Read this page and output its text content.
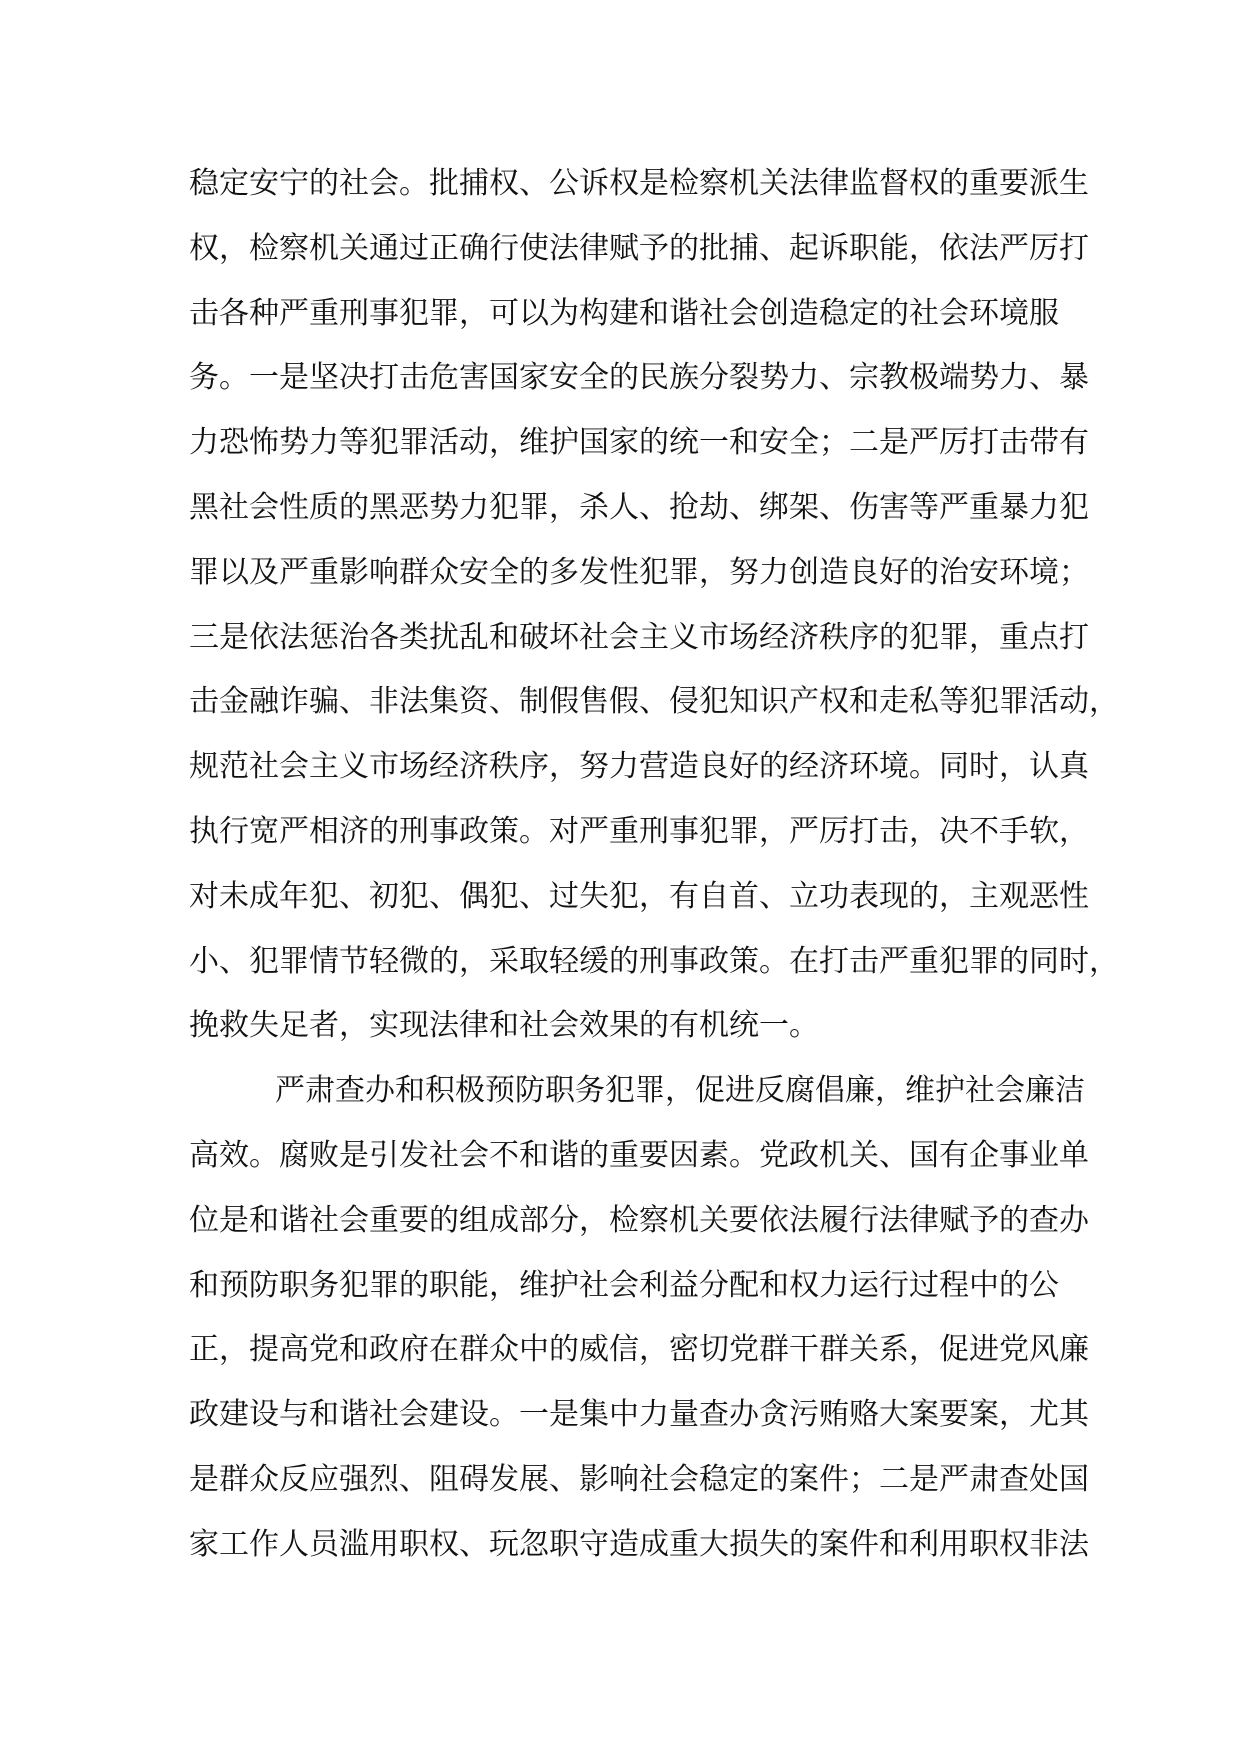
稳定安宁的社会。批捕权、公诉权是检察机关法律监督权的重要派生
权，检察机关通过正确行使法律赋予的批捕、起诉职能，依法严厉打
击各种严重刑事犯罪，可以为构建和谐社会创造稳定的社会环境服
务。一是坚决打击危害国家安全的民族分裂势力、宗教极端势力、暴
力恐怖势力等犯罪活动，维护国家的统一和安全；二是严厉打击带有
黑社会性质的黑恶势力犯罪，杀人、抢劫、绑架、伤害等严重暴力犯
罪以及严重影响群众安全的多发性犯罪，努力创造良好的治安环境；
三是依法惩治各类扰乱和破坏社会主义市场经济秩序的犯罪，重点打
击金融诈骗、非法集资、制假售假、侵犯知识产权和走私等犯罪活动，
规范社会主义市场经济秩序，努力营造良好的经济环境。同时，认真
执行宽严相济的刑事政策。对严重刑事犯罪，严厉打击，决不手软，
对未成年犯、初犯、偶犯、过失犯，有自首、立功表现的，主观恶性
小、犯罪情节轻微的，采取轻缓的刑事政策。在打击严重犯罪的同时，
挽救失足者，实现法律和社会效果的有机统一。
严肃查办和积极预防职务犯罪，促进反腐倡廉，维护社会廉洁
高效。腐败是引发社会不和谐的重要因素。党政机关、国有企事业单
位是和谐社会重要的组成部分，检察机关要依法履行法律赋予的查办
和预防职务犯罪的职能，维护社会利益分配和权力运行过程中的公
正，提高党和政府在群众中的威信，密切党群干群关系，促进党风廉
政建设与和谐社会建设。一是集中力量查办贪污贿赂大案要案，尤其
是群众反应强烈、阻碍发展、影响社会稳定的案件；二是严肃查处国
家工作人员滥用职权、玩忽职守造成重大损失的案件和利用职权非法
